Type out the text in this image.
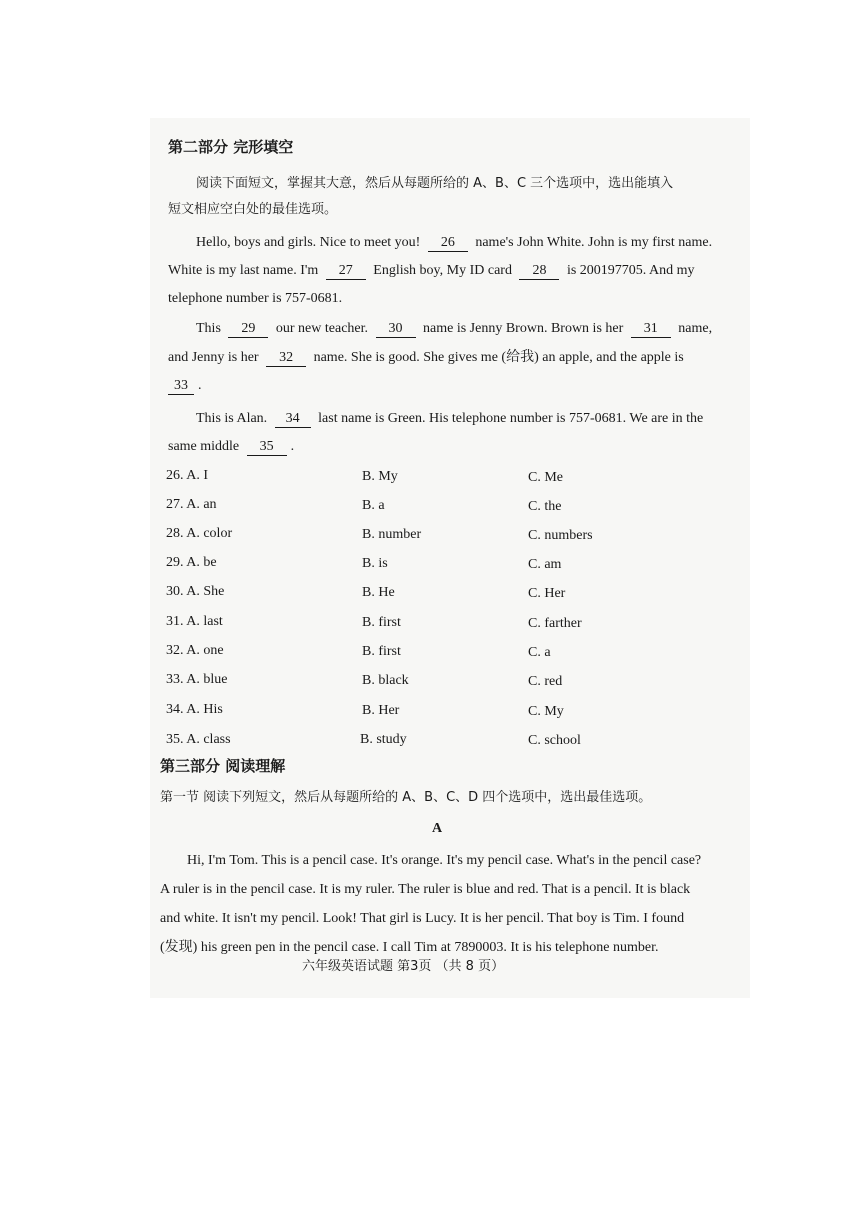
第二部分 完形填空
阅读下面短文，掌握其大意，然后从每题所给的 A、B、C 三个选项中，选出能填入
短文相应空白处的最佳选项。
Hello, boys and girls. Nice to meet you! 26 name's John White. John is my first name.
White is my last name. I'm 27 English boy, My ID card 28 is 200197705. And my
telephone number is 757-0681.
This 29 our new teacher. 30 name is Jenny Brown. Brown is her 31 name,
and Jenny is her 32 name. She is good. She gives me (给我) an apple, and the apple is
33 .
This is Alan. 34 last name is Green. His telephone number is 757-0681. We are in the
same middle 35 .
26. A. I	B. My	C. Me
27. A. an	B. a	C. the
28. A. color	B. number	C. numbers
29. A. be	B. is	C. am
30. A. She	B. He	C. Her
31. A. last	B. first	C. farther
32. A. one	B. first	C. a
33. A. blue	B. black	C. red
34. A. His	B. Her	C. My
35. A. class	B. study	C. school
第三部分 阅读理解
第一节 阅读下列短文，然后从每题所给的 A、B、C、D 四个选项中，选出最佳选项。
A
Hi, I'm Tom. This is a pencil case. It's orange. It's my pencil case. What's in the pencil case?
A ruler is in the pencil case. It is my ruler. The ruler is blue and red. That is a pencil. It is black
and white. It isn't my pencil. Look! That girl is Lucy. It is her pencil. That boy is Tim. I found
(发现) his green pen in the pencil case. I call Tim at 7890003. It is his telephone number.
六年级英语试题 第3页 （共 8 页）
